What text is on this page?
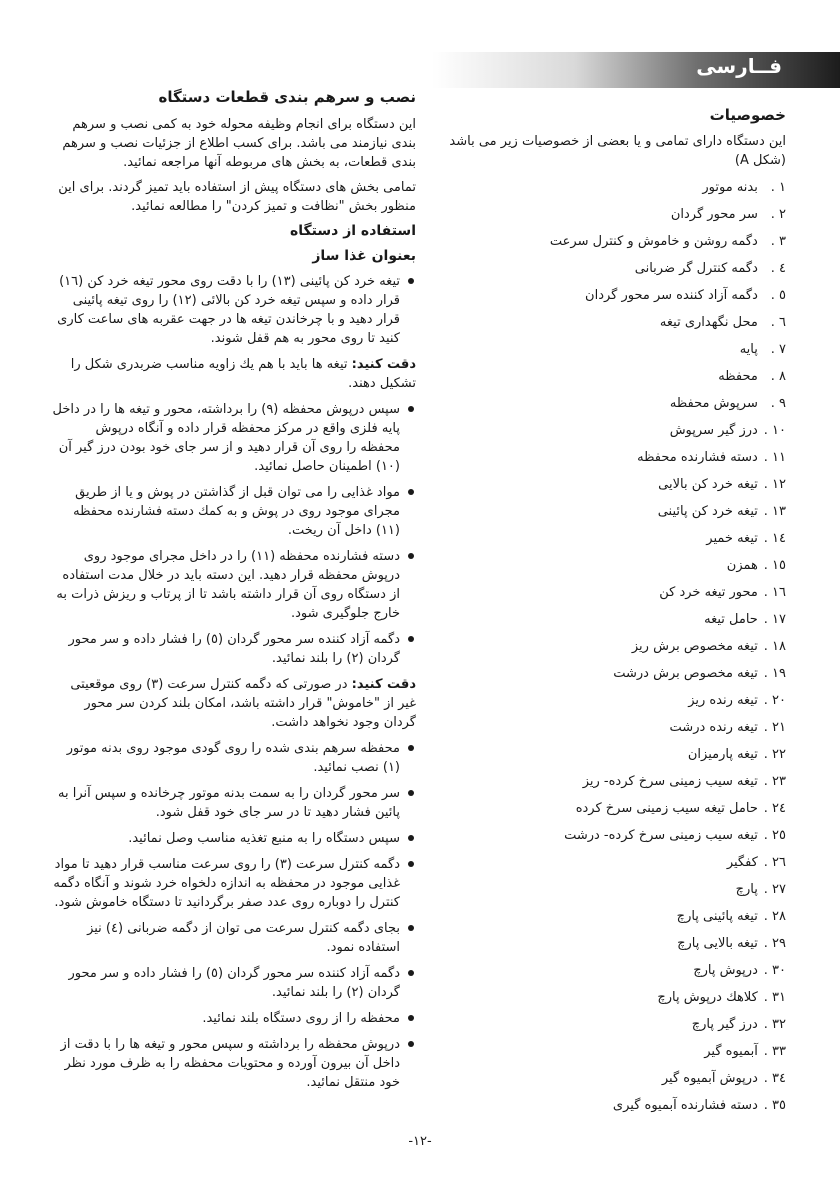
فــارسی
خصوصیات

این دستگاه دارای تمامی و یا بعضی از خصوصیات زیر می باشد (شکل A)

۱ . بدنه موتور
۲ . سر محور گردان
۳ . دگمه روشن و خاموش و کنترل سرعت
٤ . دگمه کنترل گر ضربانی
٥ . دگمه آزاد کننده سر محور گردان
٦ . محل نگهداری تیغه
۷ . پایه
۸ . محفظه
۹ . سرپوش محفظه
۱۰ . درز گیر سرپوش
۱۱ . دسته فشارنده محفظه
۱۲ . تیغه خرد کن بالایی
۱۳ . تیغه خرد کن پائینی
١٤ . تیغه خمیر
١٥ . همزن
١٦ . محور تیغه خرد کن
۱۷ . حامل تیغه
۱۸ . تیغه مخصوص برش ریز
۱۹ . تیغه مخصوص برش درشت
۲۰ . تیغه رنده ریز
۲۱ . تیغه رنده درشت
۲۲ . تیغه پارمیزان
۲۳ . تیغه سیب زمینی سرخ کرده- ریز
۲٤ . حامل تیغه سیب زمینی سرخ کرده
۲٥ . تیغه سیب زمینی سرخ کرده- درشت
۲٦ . کفگیر
۲۷ . پارچ
۲۸ . تیغه پائینی پارچ
۲۹ . تیغه بالایی پارچ
۳۰ . درپوش پارچ
۳۱ . کلاهك درپوش پارچ
۳۲ . درز گیر پارچ
۳۳ . آبمیوه گیر
۳٤ . درپوش آبمیوه گیر
۳٥ . دسته فشارنده آبمیوه گیری
نصب و سرهم بندی قطعات دستگاه

این دستگاه برای انجام وظیفه محوله خود به کمی نصب و سرهم بندی نیازمند می باشد. برای کسب اطلاع از جزئیات نصب و سرهم بندی قطعات، به بخش های مربوطه آنها مراجعه نمائید.

تمامی بخش های دستگاه پیش از استفاده باید تمیز گردند. برای این منظور بخش "نظافت و تمیز کردن" را مطالعه نمائید.

استفاده از دستگاه
بعنوان غذا ساز
تیغه خرد کن پائینی (۱۳) را با دقت روی محور تیغه خرد کن (١٦) قرار داده و سپس تیغه خرد کن بالائی (۱۲) را روی تیغه پائینی قرار دهید و با چرخاندن تیغه ها در جهت عقربه های ساعت کاری کنید تا روی محور به هم قفل شوند.

دقت کنید: تیغه ها باید با هم یك زاویه مناسب ضربدری شکل را تشکیل دهند.

سپس درپوش محفظه (۹) را برداشته، محور و تیغه ها را در داخل پایه فلزی واقع در مرکز محفظه قرار داده و آنگاه درپوش محفظه را روی آن قرار دهید و از سر جای خود بودن درز گیر آن (۱۰) اطمینان حاصل نمائید.
مواد غذایی را می توان قبل از گذاشتن در پوش و یا از طریق مجرای موجود روی در پوش و به کمك دسته فشارنده محفظه (۱۱) داخل آن ریخت.
دسته فشارنده محفظه (۱۱) را در داخل مجرای موجود روی درپوش محفظه قرار دهید. این دسته باید در خلال مدت استفاده از دستگاه روی آن قرار داشته باشد تا از پرتاب و ریزش ذرات به خارج جلوگیری شود.
دگمه آزاد کننده سر محور گردان (٥) را فشار داده و سر محور گردان (۲) را بلند نمائید.

دقت کنید: در صورتی که دگمه کنترل سرعت (۳) روی موقعیتی غیر از "خاموش" قرار داشته باشد، امکان بلند کردن سر محور گردان وجود نخواهد داشت.

محفظه سرهم بندی شده را روی گودی موجود روی بدنه موتور (۱) نصب نمائید.
سر محور گردان را به سمت بدنه موتور چرخانده و سپس آنرا به پائین فشار دهید تا در سر جای خود قفل شود.
سپس دستگاه را به منبع تغذیه مناسب وصل نمائید.
دگمه کنترل سرعت (۳) را روی سرعت مناسب قرار دهید تا مواد غذایی موجود در محفظه به اندازه دلخواه خرد شوند و آنگاه دگمه کنترل را دوباره روی عدد صفر برگردانید تا دستگاه خاموش شود.
بجای دگمه کنترل سرعت می توان از دگمه ضربانی (٤) نیز استفاده نمود.
دگمه آزاد کننده سر محور گردان (٥) را فشار داده و سر محور گردان (۲) را بلند نمائید.
محفظه را از روی دستگاه بلند نمائید.
درپوش محفظه را برداشته و سپس محور و تیغه ها را با دقت از داخل آن بیرون آورده و محتویات محفظه را به ظرف مورد نظر خود منتقل نمائید.
-۱۲-
